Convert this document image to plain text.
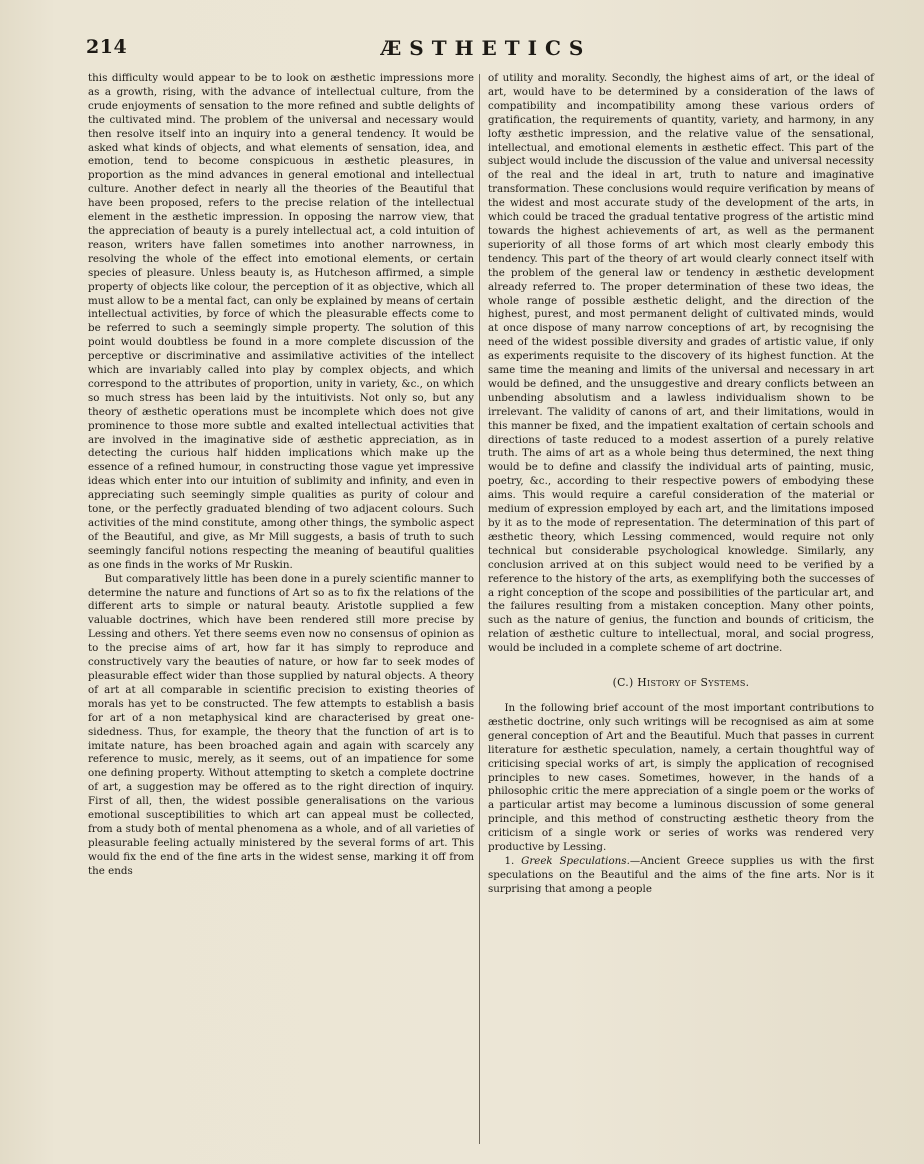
214	ÆSTHETICS

this difficulty would appear to be to look on æsthetic impressions more as a growth, rising, with the advance of intellectual culture, from the crude enjoyments of sensation to the more refined and subtle delights of the cultivated mind. The problem of the universal and necessary would then resolve itself into an inquiry into a general tendency. It would be asked what kinds of objects, and what elements of sensation, idea, and emotion, tend to become conspicuous in æsthetic pleasures, in proportion as the mind advances in general emotional and intellectual culture. Another defect in nearly all the theories of the Beautiful that have been proposed, refers to the precise relation of the intellectual element in the æsthetic impression. In opposing the narrow view, that the appreciation of beauty is a purely intellectual act, a cold intuition of reason, writers have fallen sometimes into another narrowness, in resolving the whole of the effect into emotional elements, or certain species of pleasure. Unless beauty is, as Hutcheson affirmed, a simple property of objects like colour, the perception of it as objective, which all must allow to be a mental fact, can only be explained by means of certain intellectual activities, by force of which the pleasurable effects come to be referred to such a seemingly simple property. The solution of this point would doubtless be found in a more complete discussion of the perceptive or discriminative and assimilative activities of the intellect which are invariably called into play by complex objects, and which correspond to the attributes of proportion, unity in variety, &c., on which so much stress has been laid by the intuitivists. Not only so, but any theory of æsthetic operations must be incomplete which does not give prominence to those more subtle and exalted intellectual activities that are involved in the imaginative side of æsthetic appreciation, as in detecting the curious half hidden implications which make up the essence of a refined humour, in constructing those vague yet impressive ideas which enter into our intuition of sublimity and infinity, and even in appreciating such seemingly simple qualities as purity of colour and tone, or the perfectly graduated blending of two adjacent colours. Such activities of the mind constitute, among other things, the symbolic aspect of the Beautiful, and give, as Mr Mill suggests, a basis of truth to such seemingly fanciful notions respecting the meaning of beautiful qualities as one finds in the works of Mr Ruskin.

But comparatively little has been done in a purely scientific manner to determine the nature and functions of Art so as to fix the relations of the different arts to simple or natural beauty. Aristotle supplied a few valuable doctrines, which have been rendered still more precise by Lessing and others. Yet there seems even now no consensus of opinion as to the precise aims of art, how far it has simply to reproduce and constructively vary the beauties of nature, or how far to seek modes of pleasurable effect wider than those supplied by natural objects. A theory of art at all comparable in scientific precision to existing theories of morals has yet to be constructed. The few attempts to establish a basis for art of a non metaphysical kind are characterised by great one-sidedness. Thus, for example, the theory that the function of art is to imitate nature, has been broached again and again with scarcely any reference to music, merely, as it seems, out of an impatience for some one defining property. Without attempting to sketch a complete doctrine of art, a suggestion may be offered as to the right direction of inquiry. First of all, then, the widest possible generalisations on the various emotional susceptibilities to which art can appeal must be collected, from a study both of mental phenomena as a whole, and of all varieties of pleasurable feeling actually ministered by the several forms of art. This would fix the end of the fine arts in the widest sense, marking it off from the ends

of utility and morality. Secondly, the highest aims of art, or the ideal of art, would have to be determined by a consideration of the laws of compatibility and incompatibility among these various orders of gratification, the requirements of quantity, variety, and harmony, in any lofty æsthetic impression, and the relative value of the sensational, intellectual, and emotional elements in æsthetic effect. This part of the subject would include the discussion of the value and universal necessity of the real and the ideal in art, truth to nature and imaginative transformation. These conclusions would require verification by means of the widest and most accurate study of the development of the arts, in which could be traced the gradual tentative progress of the artistic mind towards the highest achievements of art, as well as the permanent superiority of all those forms of art which most clearly embody this tendency. This part of the theory of art would clearly connect itself with the problem of the general law or tendency in æsthetic development already referred to. The proper determination of these two ideas, the whole range of possible æsthetic delight, and the direction of the highest, purest, and most permanent delight of cultivated minds, would at once dispose of many narrow conceptions of art, by recognising the need of the widest possible diversity and grades of artistic value, if only as experiments requisite to the discovery of its highest function. At the same time the meaning and limits of the universal and necessary in art would be defined, and the unsuggestive and dreary conflicts between an unbending absolutism and a lawless individualism shown to be irrelevant. The validity of canons of art, and their limitations, would in this manner be fixed, and the impatient exaltation of certain schools and directions of taste reduced to a modest assertion of a purely relative truth. The aims of art as a whole being thus determined, the next thing would be to define and classify the individual arts of painting, music, poetry, &c., according to their respective powers of embodying these aims. This would require a careful consideration of the material or medium of expression employed by each art, and the limitations imposed by it as to the mode of representation. The determination of this part of æsthetic theory, which Lessing commenced, would require not only technical but considerable psychological knowledge. Similarly, any conclusion arrived at on this subject would need to be verified by a reference to the history of the arts, as exemplifying both the successes of a right conception of the scope and possibilities of the particular art, and the failures resulting from a mistaken conception. Many other points, such as the nature of genius, the function and bounds of criticism, the relation of æsthetic culture to intellectual, moral, and social progress, would be included in a complete scheme of art doctrine.

(C.) History of Systems.

In the following brief account of the most important contributions to æsthetic doctrine, only such writings will be recognised as aim at some general conception of Art and the Beautiful. Much that passes in current literature for æsthetic speculation, namely, a certain thoughtful way of criticising special works of art, is simply the application of recognised principles to new cases. Sometimes, however, in the hands of a philosophic critic the mere appreciation of a single poem or the works of a particular artist may become a luminous discussion of some general principle, and this method of constructing æsthetic theory from the criticism of a single work or series of works was rendered very productive by Lessing.

1. Greek Speculations.—Ancient Greece supplies us with the first speculations on the Beautiful and the aims of the fine arts. Nor is it surprising that among a people
